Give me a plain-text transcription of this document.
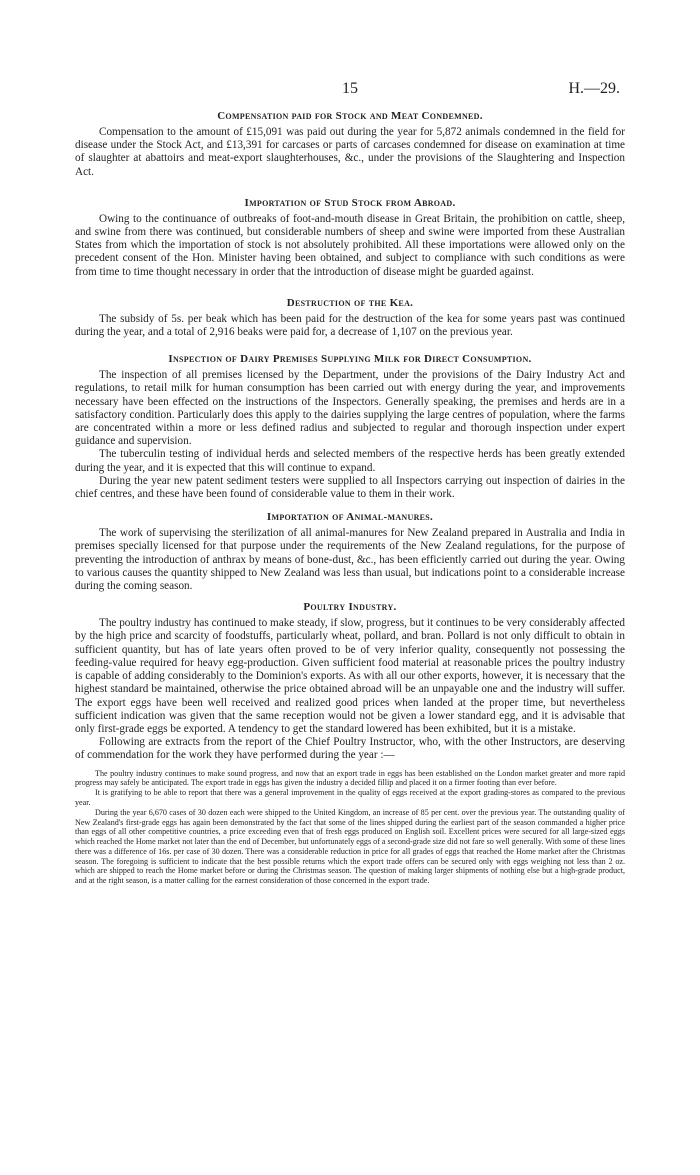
15	H.—29.
Compensation paid for Stock and Meat Condemned.

Compensation to the amount of £15,091 was paid out during the year for 5,872 animals condemned in the field for disease under the Stock Act, and £13,391 for carcases or parts of carcases condemned for disease on examination at time of slaughter at abattoirs and meat-export slaughterhouses, &c., under the provisions of the Slaughtering and Inspection Act.

Importation of Stud Stock from Abroad.

Owing to the continuance of outbreaks of foot-and-mouth disease in Great Britain, the prohibition on cattle, sheep, and swine from there was continued, but considerable numbers of sheep and swine were imported from these Australian States from which the importation of stock is not absolutely prohibited. All these importations were allowed only on the precedent consent of the Hon. Minister having been obtained, and subject to compliance with such conditions as were from time to time thought necessary in order that the introduction of disease might be guarded against.

Destruction of the Kea.

The subsidy of 5s. per beak which has been paid for the destruction of the kea for some years past was continued during the year, and a total of 2,916 beaks were paid for, a decrease of 1,107 on the previous year.

Inspection of Dairy Premises Supplying Milk for Direct Consumption.

The inspection of all premises licensed by the Department, under the provisions of the Dairy Industry Act and regulations, to retail milk for human consumption has been carried out with energy during the year, and improvements necessary have been effected on the instructions of the Inspectors. Generally speaking, the premises and herds are in a satisfactory condition. Particularly does this apply to the dairies supplying the large centres of population, where the farms are concentrated within a more or less defined radius and subjected to regular and thorough inspection under expert guidance and supervision.

The tuberculin testing of individual herds and selected members of the respective herds has been greatly extended during the year, and it is expected that this will continue to expand.

During the year new patent sediment testers were supplied to all Inspectors carrying out inspection of dairies in the chief centres, and these have been found of considerable value to them in their work.

Importation of Animal-manures.

The work of supervising the sterilization of all animal-manures for New Zealand prepared in Australia and India in premises specially licensed for that purpose under the requirements of the New Zealand regulations, for the purpose of preventing the introduction of anthrax by means of bone-dust, &c., has been efficiently carried out during the year. Owing to various causes the quantity shipped to New Zealand was less than usual, but indications point to a considerable increase during the coming season.

Poultry Industry.

The poultry industry has continued to make steady, if slow, progress, but it continues to be very considerably affected by the high price and scarcity of foodstuffs, particularly wheat, pollard, and bran. Pollard is not only difficult to obtain in sufficient quantity, but has of late years often proved to be of very inferior quality, consequently not possessing the feeding-value required for heavy egg-production. Given sufficient food material at reasonable prices the poultry industry is capable of adding considerably to the Dominion's exports. As with all our other exports, however, it is necessary that the highest standard be maintained, otherwise the price obtained abroad will be an unpayable one and the industry will suffer. The export eggs have been well received and realized good prices when landed at the proper time, but nevertheless sufficient indication was given that the same reception would not be given a lower standard egg, and it is advisable that only first-grade eggs be exported. A tendency to get the standard lowered has been exhibited, but it is a mistake.

Following are extracts from the report of the Chief Poultry Instructor, who, with the other Instructors, are deserving of commendation for the work they have performed during the year :—

The poultry industry continues to make sound progress, and now that an export trade in eggs has been established on the London market greater and more rapid progress may safely be anticipated. The export trade in eggs has given the industry a decided fillip and placed it on a firmer footing than ever before.

It is gratifying to be able to report that there was a general improvement in the quality of eggs received at the export grading-stores as compared to the previous year.

During the year 6,670 cases of 30 dozen each were shipped to the United Kingdom, an increase of 85 per cent. over the previous year. The outstanding quality of New Zealand's first-grade eggs has again been demonstrated by the fact that some of the lines shipped during the earliest part of the season commanded a higher price than eggs of all other competitive countries, a price exceeding even that of fresh eggs produced on English soil. Excellent prices were secured for all large-sized eggs which reached the Home market not later than the end of December, but unfortunately eggs of a second-grade size did not fare so well generally. With some of these lines there was a difference of 16s. per case of 30 dozen. There was a considerable reduction in price for all grades of eggs that reached the Home market after the Christmas season. The foregoing is sufficient to indicate that the best possible returns which the export trade offers can be secured only with eggs weighing not less than 2 oz. which are shipped to reach the Home market before or during the Christmas season. The question of making larger shipments of nothing else but a high-grade product, and at the right season, is a matter calling for the earnest consideration of those concerned in the export trade.
